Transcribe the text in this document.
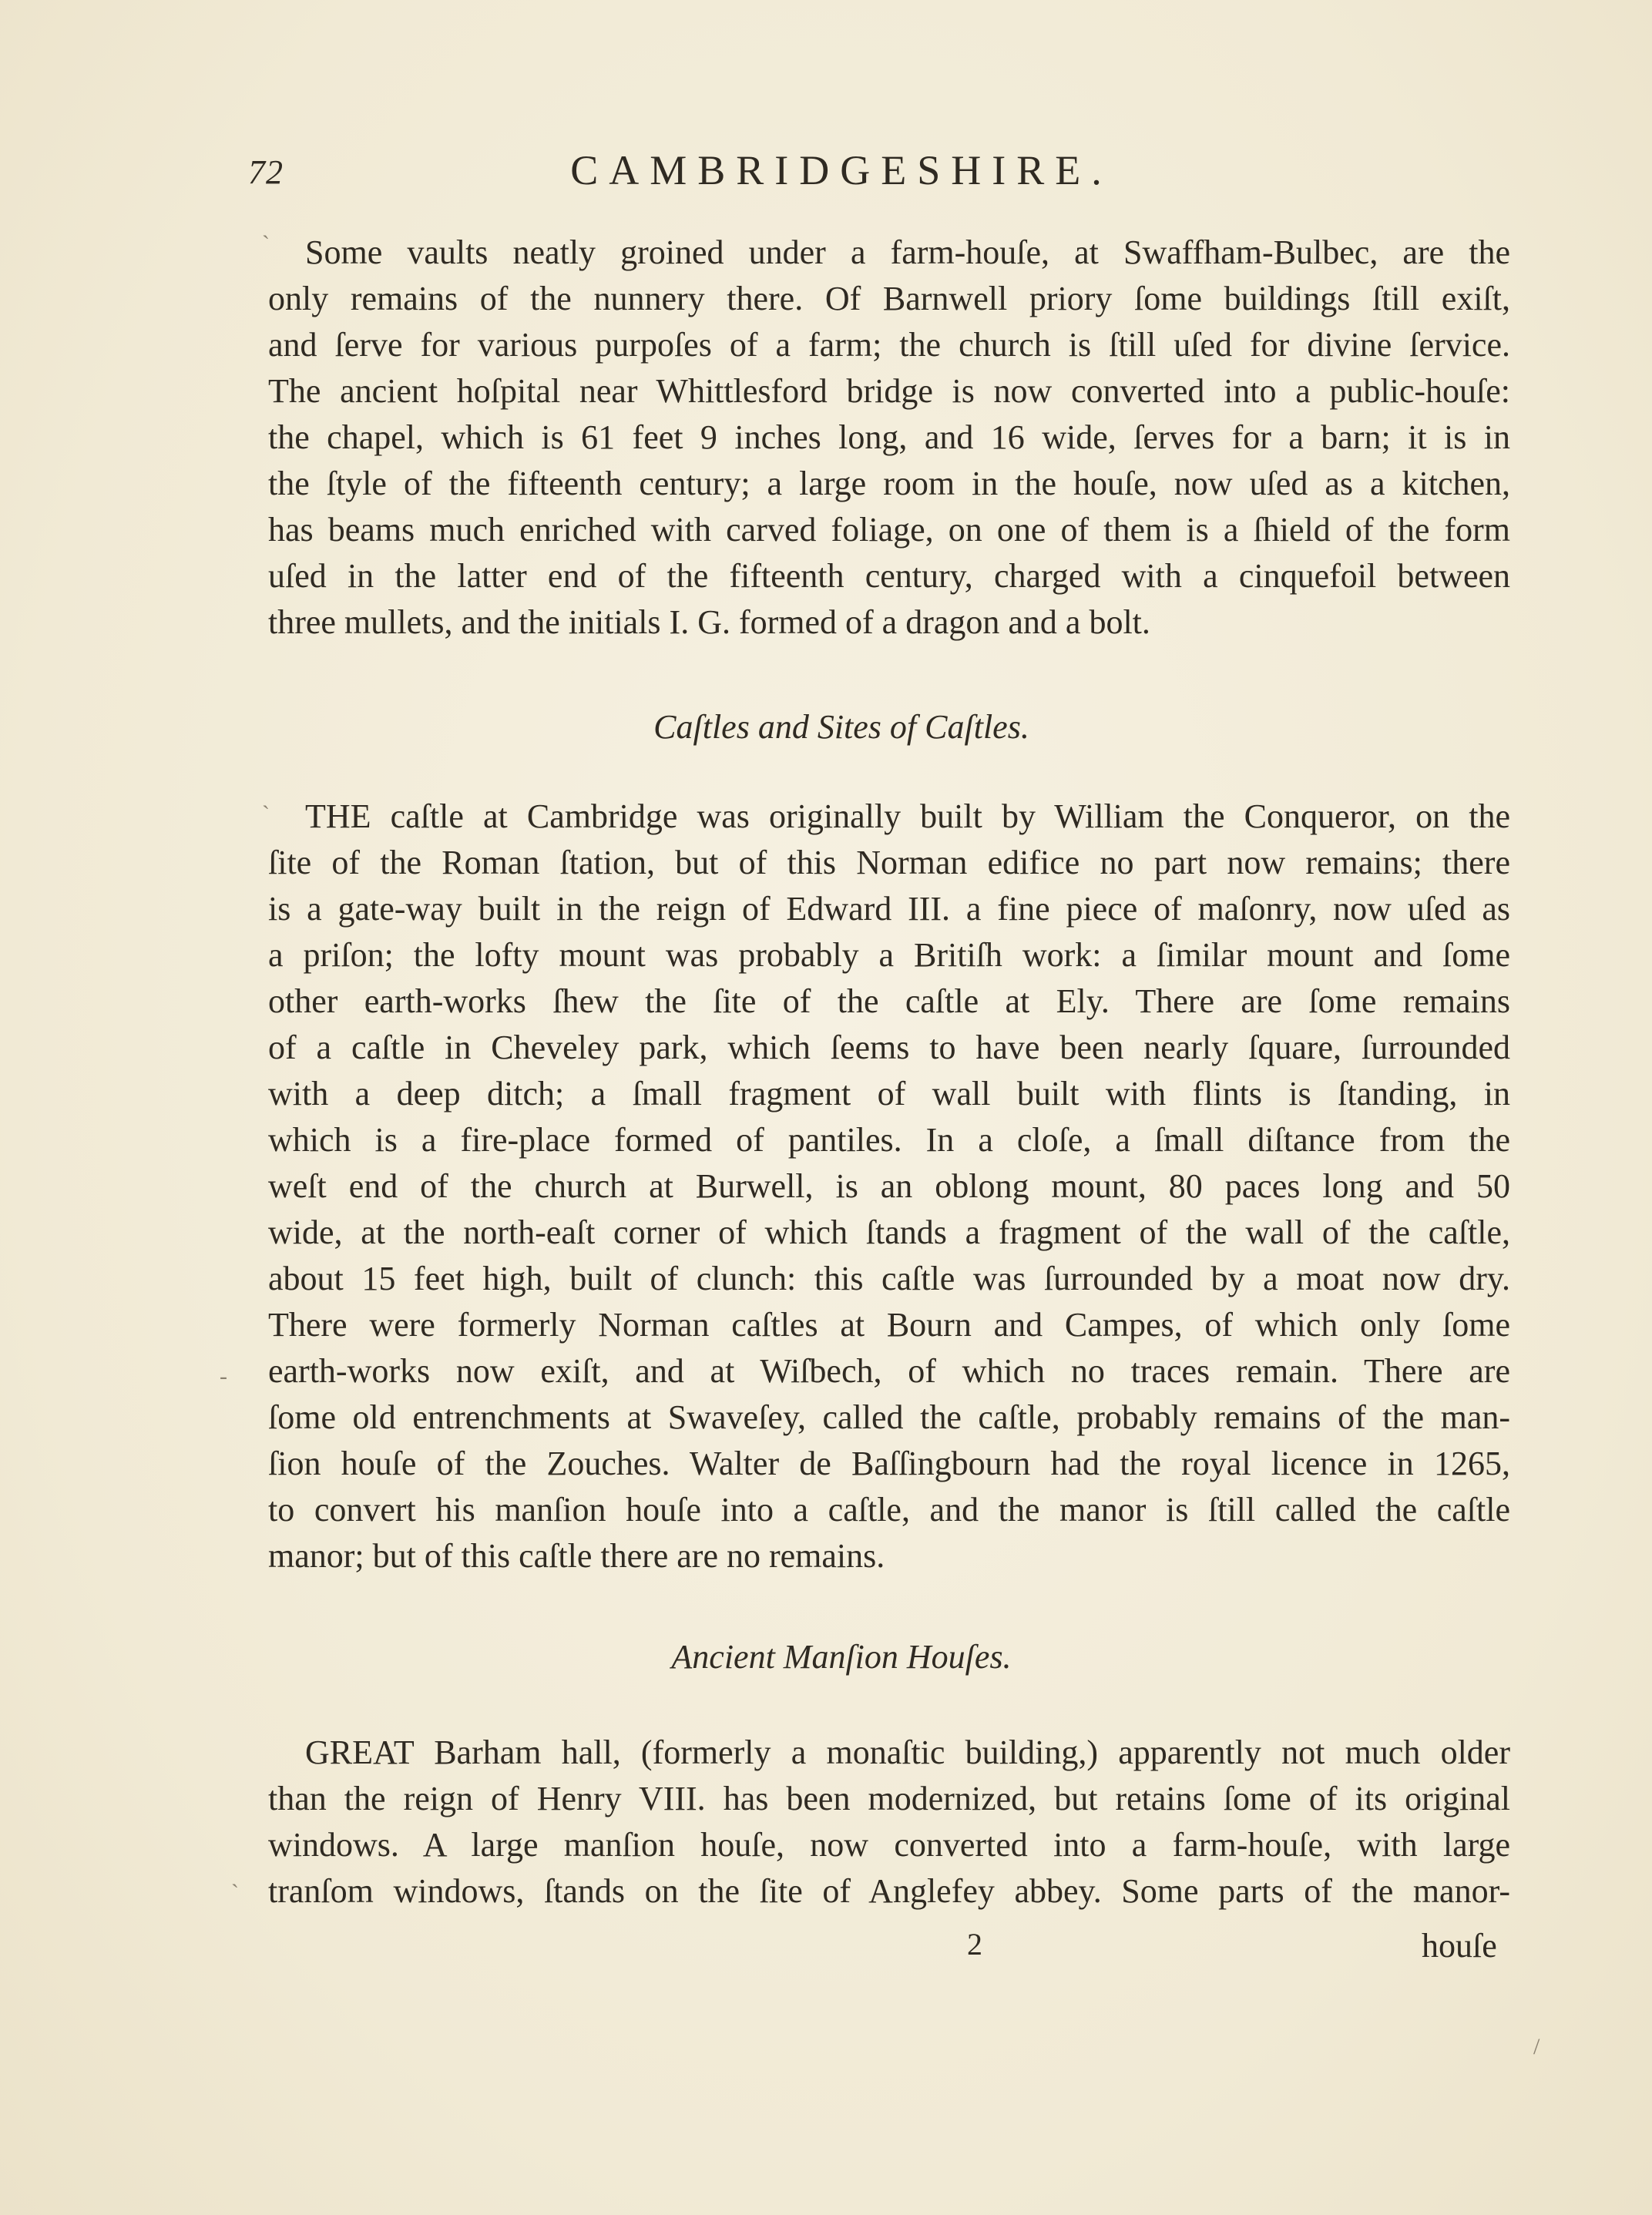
72	CAMBRIDGESHIRE.
Some vaults neatly groined under a farm-houſe, at Swaffham-Bulbec, are the
only remains of the nunnery there. Of Barnwell priory ſome buildings ſtill exiſt,
and ſerve for various purpoſes of a farm; the church is ſtill uſed for divine ſervice.
The ancient hoſpital near Whittlesford bridge is now converted into a public-houſe:
the chapel, which is 61 feet 9 inches long, and 16 wide, ſerves for a barn; it is in
the ſtyle of the fifteenth century; a large room in the houſe, now uſed as a kitchen,
has beams much enriched with carved foliage, on one of them is a ſhield of the form
uſed in the latter end of the fifteenth century, charged with a cinquefoil between
three mullets, and the initials I. G. formed of a dragon and a bolt.
Caſtles and Sites of Caſtles.
THE caſtle at Cambridge was originally built by William the Conqueror, on the
ſite of the Roman ſtation, but of this Norman edifice no part now remains; there
is a gate-way built in the reign of Edward III. a fine piece of maſonry, now uſed as
a priſon; the lofty mount was probably a Britiſh work: a ſimilar mount and ſome
other earth-works ſhew the ſite of the caſtle at Ely. There are ſome remains
of a caſtle in Cheveley park, which ſeems to have been nearly ſquare, ſurrounded
with a deep ditch; a ſmall fragment of wall built with flints is ſtanding, in
which is a fire-place formed of pantiles. In a cloſe, a ſmall diſtance from the
weſt end of the church at Burwell, is an oblong mount, 80 paces long and 50
wide, at the north-eaſt corner of which ſtands a fragment of the wall of the caſtle,
about 15 feet high, built of clunch: this caſtle was ſurrounded by a moat now dry.
There were formerly Norman caſtles at Bourn and Campes, of which only ſome
earth-works now exiſt, and at Wiſbech, of which no traces remain. There are
ſome old entrenchments at Swaveſey, called the caſtle, probably remains of the man-
ſion houſe of the Zouches. Walter de Baſſingbourn had the royal licence in 1265,
to convert his manſion houſe into a caſtle, and the manor is ſtill called the caſtle
manor; but of this caſtle there are no remains.
Ancient Manſion Houſes.
GREAT Barham hall, (formerly a monaſtic building,) apparently not much older
than the reign of Henry VIII. has been modernized, but retains ſome of its original
windows. A large manſion houſe, now converted into a farm-houſe, with large
tranſom windows, ſtands on the ſite of Anglefey abbey. Some parts of the manor-
2	houſe
ˋ
ˋ
-
ˋ
/
